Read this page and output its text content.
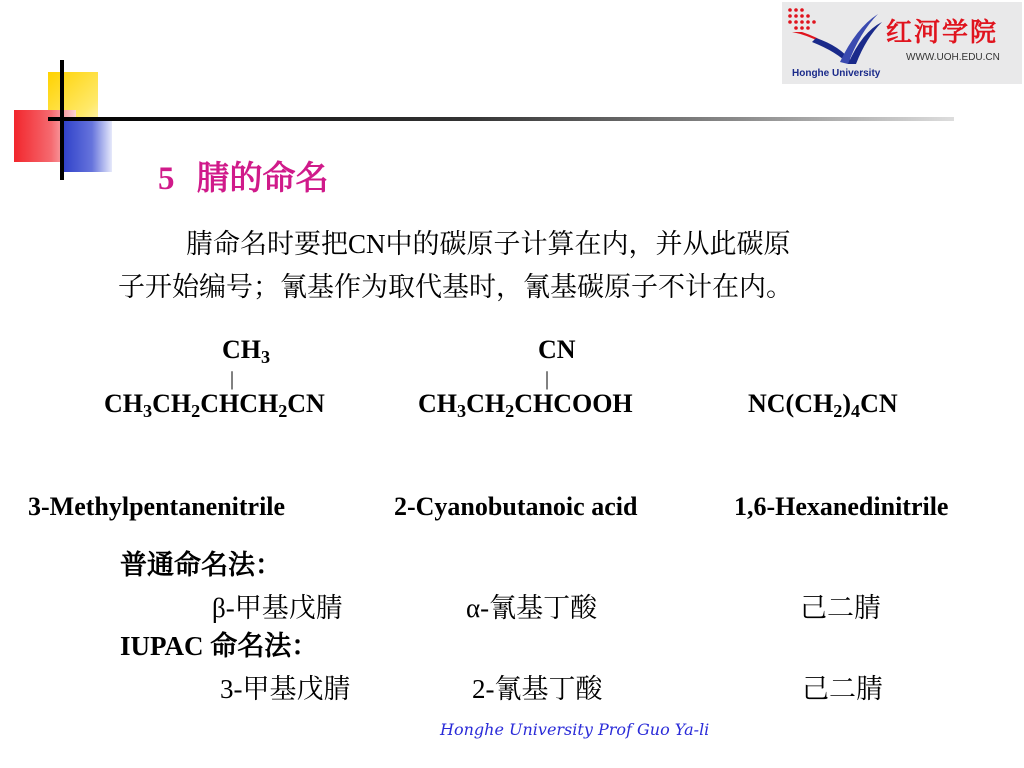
红河学院
WWW.UOH.EDU.CN
Honghe University
5 腈的命名
腈命名时要把CN中的碳原子计算在内，并从此碳原
子开始编号；氰基作为取代基时，氰基碳原子不计在内。
$CH_3$
|
$CH_3CH_2CHCH_2CN$
CN
|
$CH_3CH_2CHCOOH$	$NC(CH_2)_4CN$
3-Methylpentanenitrile	2-Cyanobutanoic acid	1,6-Hexanedinitrile
普通命名法：
β-甲基戊腈	α-氰基丁酸	己二腈
IUPAC 命名法：
3-甲基戊腈	2-氰基丁酸	己二腈
Honghe University Prof Guo Ya-li
